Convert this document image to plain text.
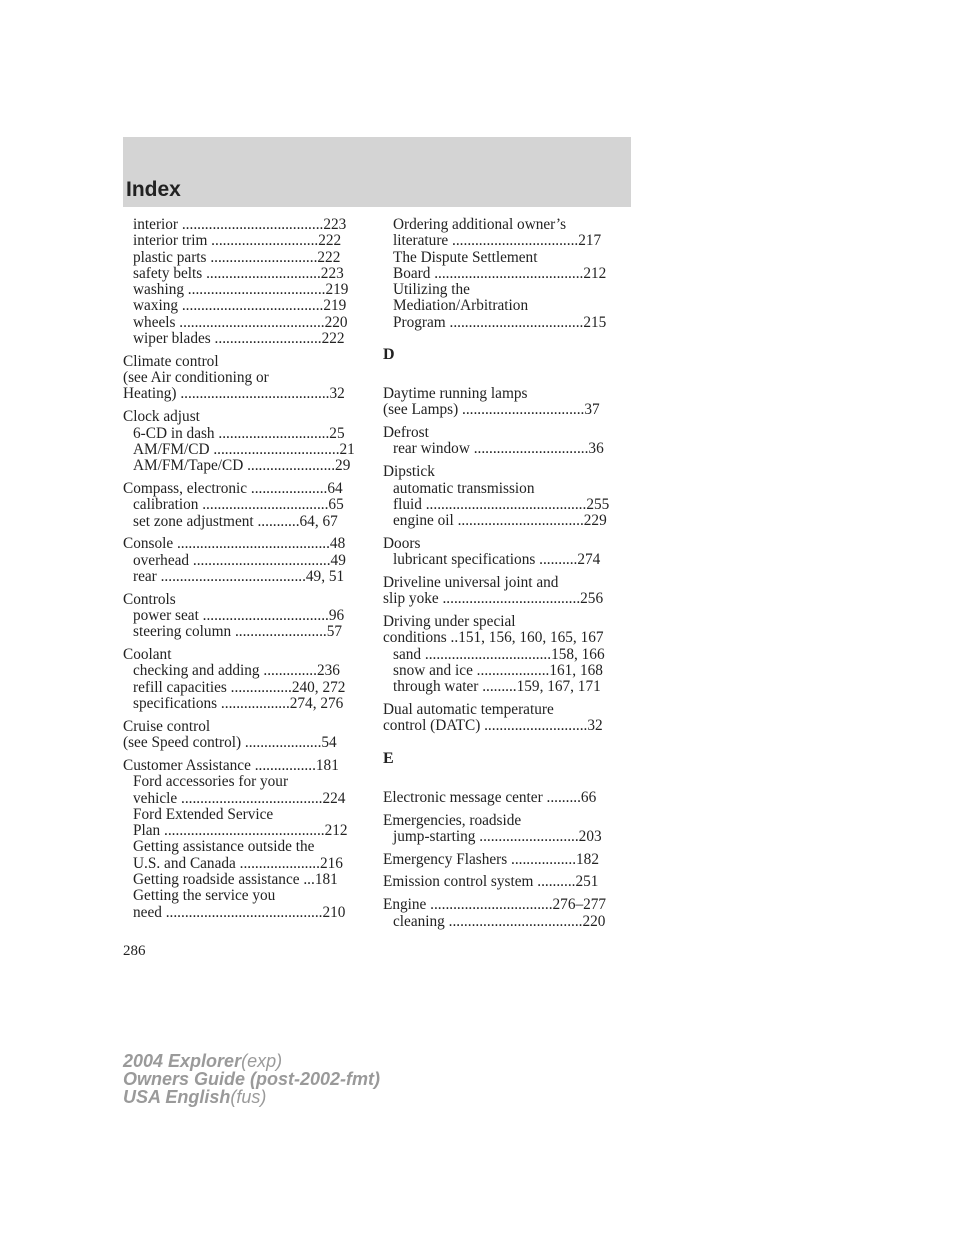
Index
interior .....................................223
interior trim ............................222
plastic parts ............................222
safety belts ..............................223
washing ....................................219
waxing .....................................219
wheels ......................................220
wiper blades ............................222
Climate control
(see Air conditioning or
Heating) .......................................32
Clock adjust
6-CD in dash .............................25
AM/FM/CD .................................21
AM/FM/Tape/CD .......................29
Compass, electronic ....................64
calibration .................................65
set zone adjustment ...........64, 67
Console ........................................48
overhead ....................................49
rear ......................................49, 51
Controls
power seat .................................96
steering column ........................57
Coolant
checking and adding ..............236
refill capacities ................240, 272
specifications ..................274, 276
Cruise control
(see Speed control) ....................54
Customer Assistance ................181
Ford accessories for your
vehicle .....................................224
Ford Extended Service
Plan ..........................................212
Getting assistance outside the
U.S. and Canada .....................216
Getting roadside assistance ...181
Getting the service you
need .........................................210
Ordering additional owner’s
literature .................................217
The Dispute Settlement
Board .......................................212
Utilizing the
Mediation/Arbitration
Program ...................................215
D
Daytime running lamps
(see Lamps) ................................37
Defrost
rear window ..............................36
Dipstick
automatic transmission
fluid ..........................................255
engine oil .................................229
Doors
lubricant specifications ..........274
Driveline universal joint and
slip yoke ....................................256
Driving under special
conditions ..151, 156, 160, 165, 167
sand .................................158, 166
snow and ice ...................161, 168
through water .........159, 167, 171
Dual automatic temperature
control (DATC) ...........................32
E
Electronic message center .........66
Emergencies, roadside
jump-starting ..........................203
Emergency Flashers .................182
Emission control system ..........251
Engine ................................276–277
cleaning ...................................220
286
2004 Explorer(exp)
Owners Guide (post-2002-fmt)
USA English(fus)
